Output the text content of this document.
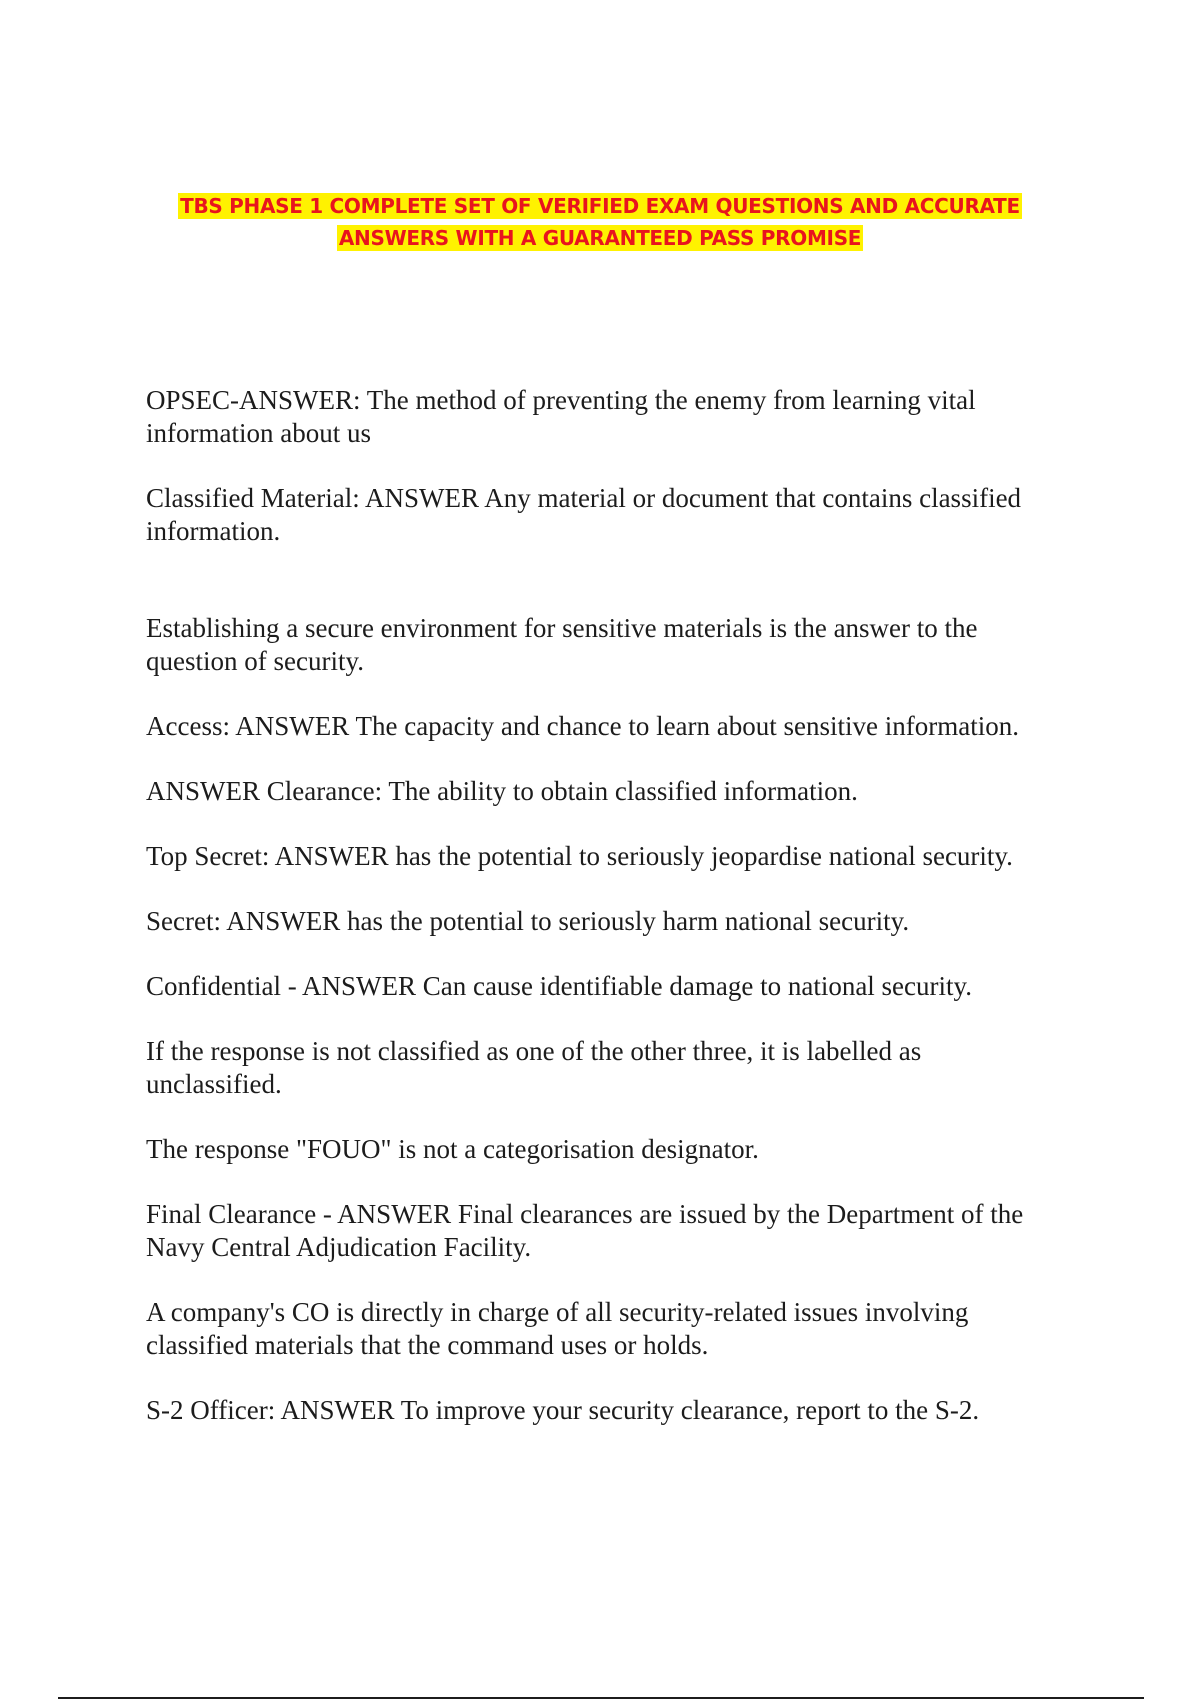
TBS PHASE 1 COMPLETE SET OF VERIFIED EXAM QUESTIONS AND ACCURATE
ANSWERS WITH A GUARANTEED PASS PROMISE

OPSEC-ANSWER: The method of preventing the enemy from learning vital information about us

Classified Material: ANSWER Any material or document that contains classified information.

Establishing a secure environment for sensitive materials is the answer to the question of security.

Access: ANSWER The capacity and chance to learn about sensitive information.

ANSWER Clearance: The ability to obtain classified information.

Top Secret: ANSWER has the potential to seriously jeopardise national security.

Secret: ANSWER has the potential to seriously harm national security.

Confidential - ANSWER Can cause identifiable damage to national security.

If the response is not classified as one of the other three, it is labelled as unclassified.

The response "FOUO" is not a categorisation designator.

Final Clearance - ANSWER Final clearances are issued by the Department of the Navy Central Adjudication Facility.

A company's CO is directly in charge of all security-related issues involving classified materials that the command uses or holds.

S-2 Officer: ANSWER To improve your security clearance, report to the S-2.
